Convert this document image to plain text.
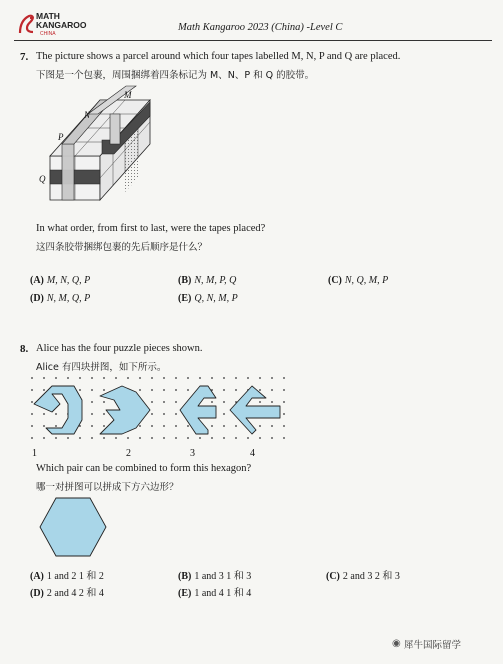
MATH
KANGAROO
CHINA
Math Kangaroo 2023 (China) -Level C
7. The picture shows a parcel around which four tapes labelled M, N, P and Q are placed.
下图是一个包裹，周围捆绑着四条标记为 M、N、P 和 Q 的胶带。
M
N
P
Q
In what order, from first to last, were the tapes placed?
这四条胶带捆绑包裹的先后顺序是什么？
(A) M, N, Q, P	(B) N, M, P, Q	(C) N, Q, M, P
(D) N, M, Q, P	(E) Q, N, M, P
8. Alice has the four puzzle pieces shown.
Alice 有四块拼图，如下所示。
1	2	3	4
Which pair can be combined to form this hexagon?
哪一对拼图可以拼成下方六边形？
(A) 1 and 2 1 和 2	(B) 1 and 3 1 和 3	(C) 2 and 3 2 和 3
(D) 2 and 4 2 和 4	(E) 1 and 4 1 和 4
◉ 犀牛国际留学
